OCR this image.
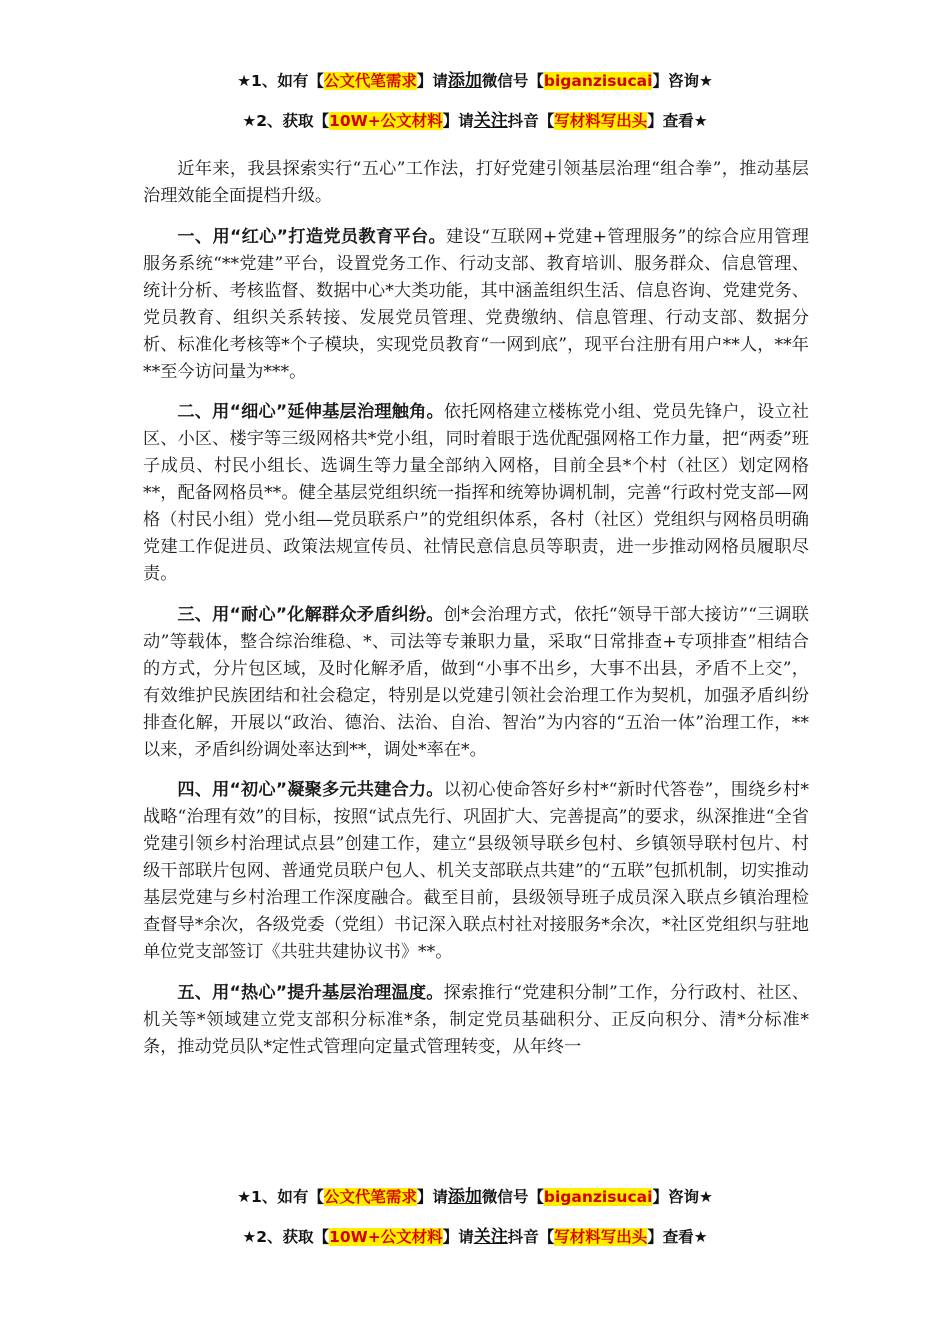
★1、如有【公文代笔需求】请添加微信号【biganzisucai】咨询★
★2、获取【10W+公文材料】请关注抖音【写材料写出头】查看★

近年来，我县探索实行“五心”工作法，打好党建引领基层治理“组合拳”，推动基层治理效能全面提档升级。

一、用“红心”打造党员教育平台。建设“互联网+党建+管理服务”的综合应用管理服务系统“**党建”平台，设置党务工作、行动支部、教育培训、服务群众、信息管理、统计分析、考核监督、数据中心*大类功能，其中涵盖组织生活、信息咨询、党建党务、党员教育、组织关系转接、发展党员管理、党费缴纳、信息管理、行动支部、数据分析、标准化考核等*个子模块，实现党员教育“一网到底”，现平台注册有用户**人，**年**至今访问量为***。

二、用“细心”延伸基层治理触角。依托网格建立楼栋党小组、党员先锋户，设立社区、小区、楼宇等三级网格共*党小组，同时着眼于选优配强网格工作力量，把“两委”班子成员、村民小组长、选调生等力量全部纳入网格，目前全县*个村（社区）划定网格**，配备网格员**。健全基层党组织统一指挥和统筹协调机制，完善“行政村党支部—网格（村民小组）党小组—党员联系户”的党组织体系，各村（社区）党组织与网格员明确党建工作促进员、政策法规宣传员、社情民意信息员等职责，进一步推动网格员履职尽责。

三、用“耐心”化解群众矛盾纠纷。创*会治理方式，依托“领导干部大接访”“三调联动”等载体，整合综治维稳、*、司法等专兼职力量，采取“日常排查+专项排查”相结合的方式，分片包区域，及时化解矛盾，做到“小事不出乡，大事不出县，矛盾不上交”，有效维护民族团结和社会稳定，特别是以党建引领社会治理工作为契机，加强矛盾纠纷排查化解，开展以“政治、德治、法治、自治、智治”为内容的“五治一体”治理工作，**以来，矛盾纠纷调处率达到**，调处*率在*。

四、用“初心”凝聚多元共建合力。以初心使命答好乡村*“新时代答卷”，围绕乡村*战略“治理有效”的目标，按照“试点先行、巩固扩大、完善提高”的要求，纵深推进“全省党建引领乡村治理试点县”创建工作，建立“县级领导联乡包村、乡镇领导联村包片、村级干部联片包网、普通党员联户包人、机关支部联点共建”的“五联”包抓机制，切实推动基层党建与乡村治理工作深度融合。截至目前，县级领导班子成员深入联点乡镇治理检查督导*余次，各级党委（党组）书记深入联点村社对接服务*余次，*社区党组织与驻地单位党支部签订《共驻共建协议书》**。

五、用“热心”提升基层治理温度。探索推行“党建积分制”工作，分行政村、社区、机关等*领域建立党支部积分标准*条，制定党员基础积分、正反向积分、清*分标准*条，推动党员队*定性式管理向定量式管理转变，从年终一

★1、如有【公文代笔需求】请添加微信号【biganzisucai】咨询★
★2、获取【10W+公文材料】请关注抖音【写材料写出头】查看★
